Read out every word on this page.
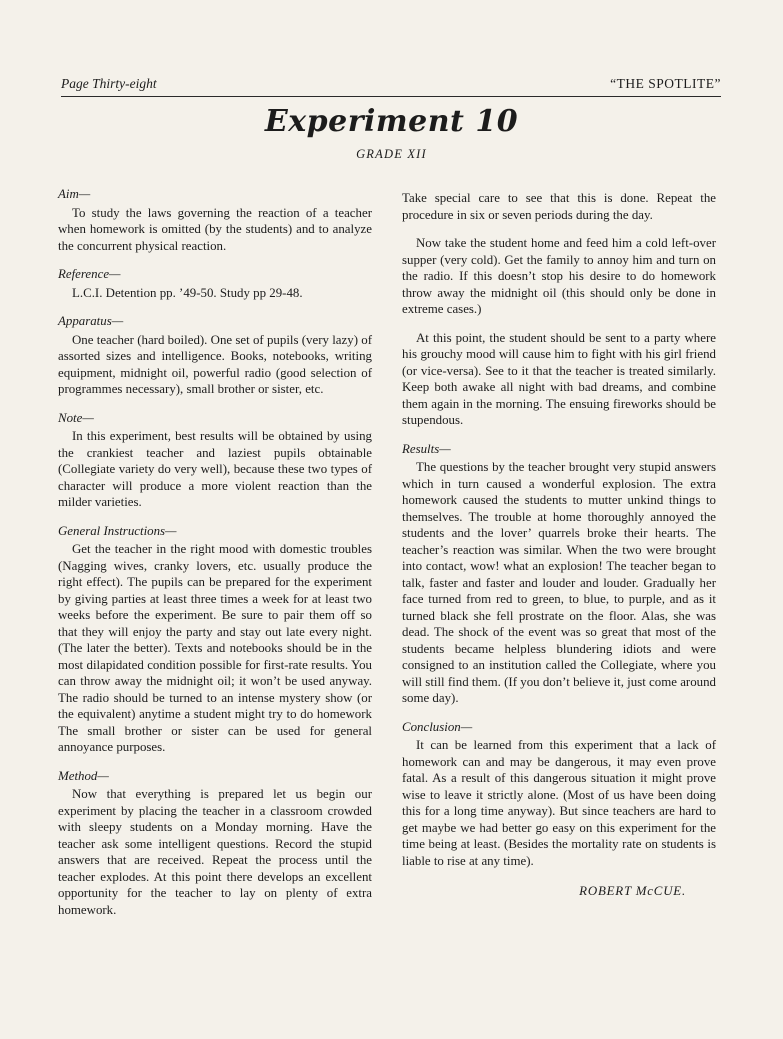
Page Thirty-eight	“THE SPOTLITE”
Experiment 10
GRADE XII
Aim—

To study the laws governing the reaction of a teacher when homework is omitted (by the students) and to analyze the concurrent physical reaction.

Reference—

L.C.I. Detention pp. ’49-50. Study pp 29-48.

Apparatus—

One teacher (hard boiled). One set of pupils (very lazy) of assorted sizes and intelligence. Books, notebooks, writing equipment, midnight oil, powerful radio (good selection of programmes necessary), small brother or sister, etc.

Note—

In this experiment, best results will be obtained by using the crankiest teacher and laziest pupils obtainable (Collegiate variety do very well), because these two types of character will produce a more violent reaction than the milder varieties.

General Instructions—

Get the teacher in the right mood with domestic troubles (Nagging wives, cranky lovers, etc. usually produce the right effect). The pupils can be prepared for the experiment by giving parties at least three times a week for at least two weeks before the experiment. Be sure to pair them off so that they will enjoy the party and stay out late every night. (The later the better). Texts and notebooks should be in the most dilapidated condition possible for first-rate results. You can throw away the midnight oil; it won’t be used anyway. The radio should be turned to an intense mystery show (or the equivalent) anytime a student might try to do homework The small brother or sister can be used for general annoyance purposes.

Method—

Now that everything is prepared let us begin our experiment by placing the teacher in a classroom crowded with sleepy students on a Monday morning. Have the teacher ask some intelligent questions. Record the stupid answers that are received. Repeat the process until the teacher explodes. At this point there develops an excellent opportunity for the teacher to lay on plenty of extra homework.

Take special care to see that this is done. Repeat the procedure in six or seven periods during the day.

Now take the student home and feed him a cold left-over supper (very cold). Get the family to annoy him and turn on the radio. If this doesn’t stop his desire to do homework throw away the midnight oil (this should only be done in extreme cases.)

At this point, the student should be sent to a party where his grouchy mood will cause him to fight with his girl friend (or vice-versa). See to it that the teacher is treated similarly. Keep both awake all night with bad dreams, and combine them again in the morning. The ensuing fireworks should be stupendous.

Results—

The questions by the teacher brought very stupid answers which in turn caused a wonderful explosion. The extra homework caused the students to mutter unkind things to themselves. The trouble at home thoroughly annoyed the students and the lover’ quarrels broke their hearts. The teacher’s reaction was similar. When the two were brought into contact, wow! what an explosion! The teacher began to talk, faster and faster and louder and louder. Gradually her face turned from red to green, to blue, to purple, and as it turned black she fell prostrate on the floor. Alas, she was dead. The shock of the event was so great that most of the students became helpless blundering idiots and were consigned to an institution called the Collegiate, where you will still find them. (If you don’t believe it, just come around some day).

Conclusion—

It can be learned from this experiment that a lack of homework can and may be dangerous, it may even prove fatal. As a result of this dangerous situation it might prove wise to leave it strictly alone. (Most of us have been doing this for a long time anyway). But since teachers are hard to get maybe we had better go easy on this experiment for the time being at least. (Besides the mortality rate on students is liable to rise at any time).

ROBERT McCUE.
